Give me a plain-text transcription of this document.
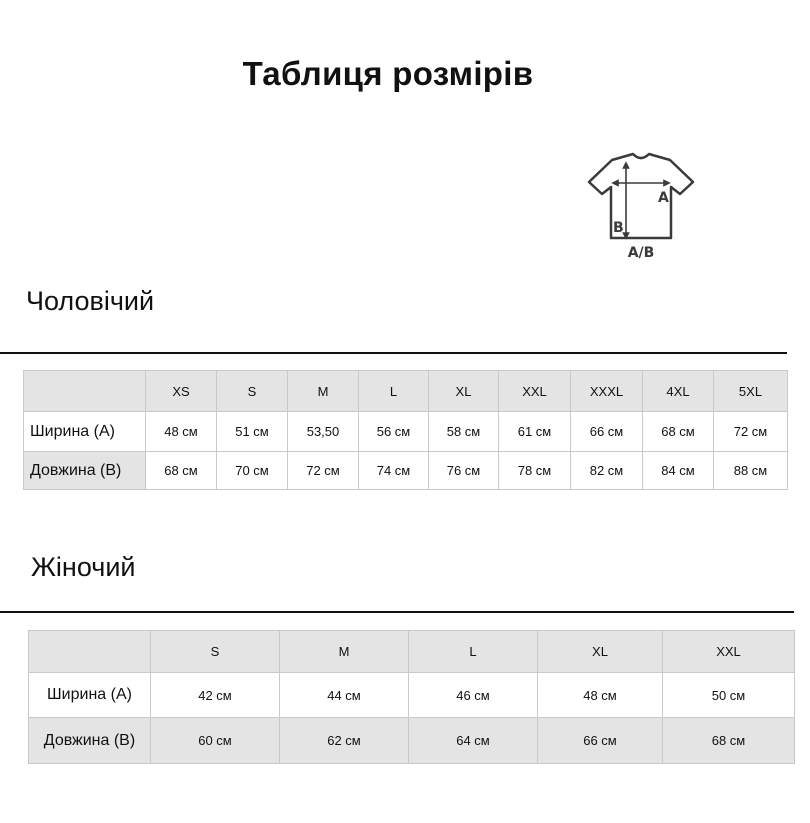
Таблиця розмірів
A
B
A/B
Чоловічий
	XS	S	M	L	XL	XXL	XXXL	4XL	5XL
Ширина (А)	48 см	51 см	53,50	56 см	58 см	61 см	66 см	68 см	72 см
Довжина (В)	68 см	70 см	72 см	74 см	76 см	78 см	82 см	84 см	88 см
Жіночий
	S	M	L	XL	XXL
Ширина (А)	42 см	44 см	46 см	48 см	50 см
Довжина (В)	60 см	62 см	64 см	66 см	68 см
